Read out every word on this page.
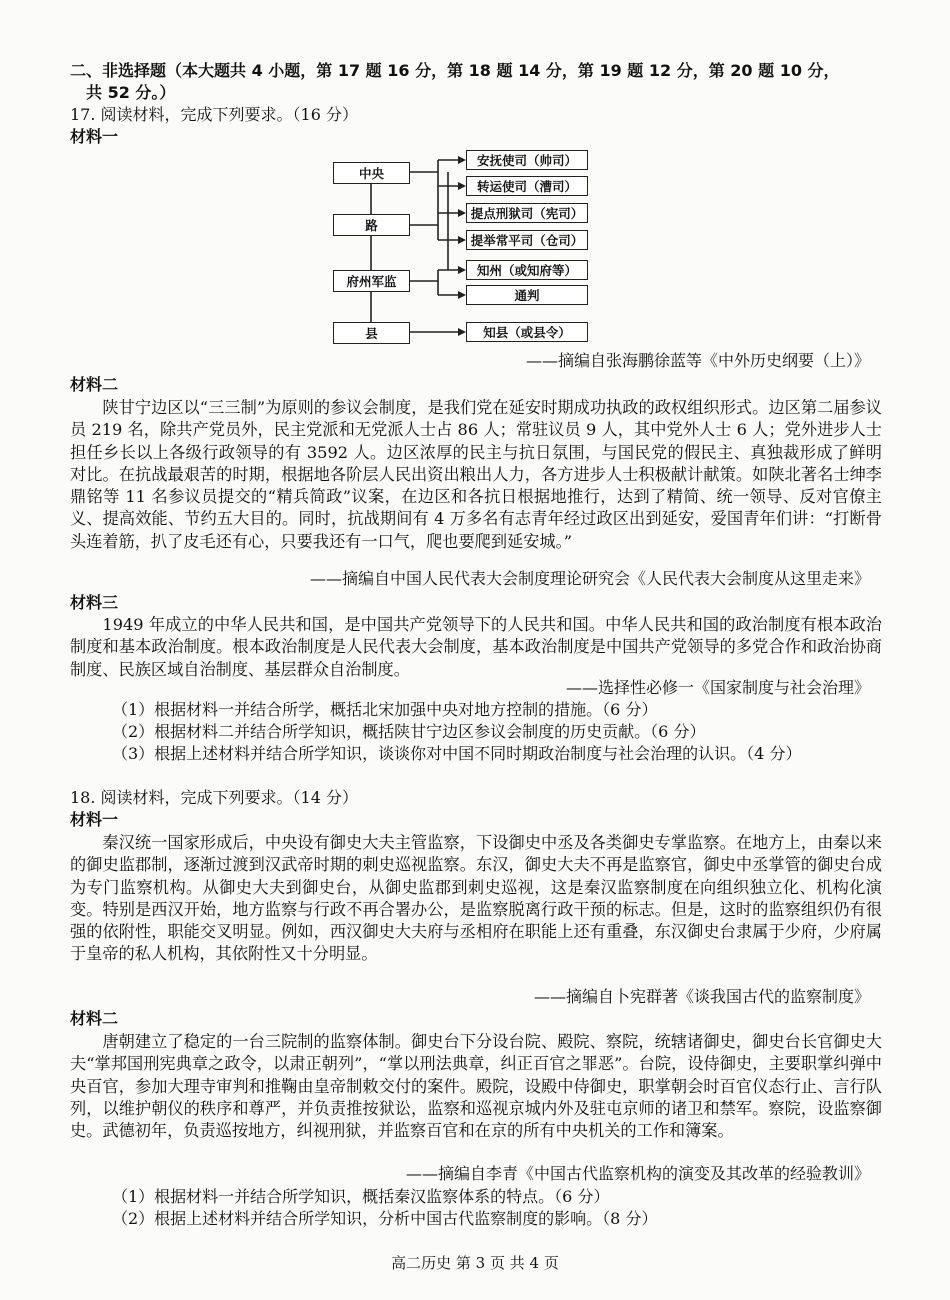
二、非选择题（本大题共 4 小题，第 17 题 16 分，第 18 题 14 分，第 19 题 12 分，第 20 题 10 分，
共 52 分。）
17. 阅读材料，完成下列要求。（16 分）
材料一
中央
路
府州军监
县
安抚使司（帅司）
转运使司（漕司）
提点刑狱司（宪司）
提举常平司（仓司）
知州（或知府等）
通判
知县（或县令）
——摘编自张海鹏徐蓝等《中外历史纲要（上）》
材料二
陕甘宁边区以“三三制”为原则的参议会制度，是我们党在延安时期成功执政的政权组织形式。边区第二届参议员 219 名，除共产党员外，民主党派和无党派人士占 86 人；常驻议员 9 人，其中党外人士 6 人；党外进步人士担任乡长以上各级行政领导的有 3592 人。边区浓厚的民主与抗日氛围，与国民党的假民主、真独裁形成了鲜明对比。在抗战最艰苦的时期，根据地各阶层人民出资出粮出人力，各方进步人士积极献计献策。如陕北著名士绅李鼎铭等 11 名参议员提交的“精兵简政”议案，在边区和各抗日根据地推行，达到了精简、统一领导、反对官僚主义、提高效能、节约五大目的。同时，抗战期间有 4 万多名有志青年经过政区出到延安，爱国青年们讲：“打断骨头连着筋，扒了皮毛还有心，只要我还有一口气，爬也要爬到延安城。”
——摘编自中国人民代表大会制度理论研究会《人民代表大会制度从这里走来》
材料三
1949 年成立的中华人民共和国，是中国共产党领导下的人民共和国。中华人民共和国的政治制度有根本政治制度和基本政治制度。根本政治制度是人民代表大会制度，基本政治制度是中国共产党领导的多党合作和政治协商制度、民族区域自治制度、基层群众自治制度。
——选择性必修一《国家制度与社会治理》
（1）根据材料一并结合所学，概括北宋加强中央对地方控制的措施。（6 分）
（2）根据材料二并结合所学知识，概括陕甘宁边区参议会制度的历史贡献。（6 分）
（3）根据上述材料并结合所学知识，谈谈你对中国不同时期政治制度与社会治理的认识。（4 分）
18. 阅读材料，完成下列要求。（14 分）
材料一
秦汉统一国家形成后，中央设有御史大夫主管监察，下设御史中丞及各类御史专掌监察。在地方上，由秦以来的御史监郡制，逐渐过渡到汉武帝时期的刺史巡视监察。东汉，御史大夫不再是监察官，御史中丞掌管的御史台成为专门监察机构。从御史大夫到御史台，从御史监郡到刺史巡视，这是秦汉监察制度在向组织独立化、机构化演变。特别是西汉开始，地方监察与行政不再合署办公，是监察脱离行政干预的标志。但是，这时的监察组织仍有很强的依附性，职能交叉明显。例如，西汉御史大夫府与丞相府在职能上还有重叠，东汉御史台隶属于少府，少府属于皇帝的私人机构，其依附性又十分明显。
——摘编自卜宪群著《谈我国古代的监察制度》
材料二
唐朝建立了稳定的一台三院制的监察体制。御史台下分设台院、殿院、察院，统辖诸御史，御史台长官御史大夫“掌邦国刑宪典章之政令，以肃正朝列”，“掌以刑法典章，纠正百官之罪恶”。台院，设侍御史，主要职掌纠弹中央百官，参加大理寺审判和推鞠由皇帝制敕交付的案件。殿院，设殿中侍御史，职掌朝会时百官仪态行止、言行队列，以维护朝仪的秩序和尊严，并负责推按狱讼，监察和巡视京城内外及驻屯京师的诸卫和禁军。察院，设监察御史。武德初年，负责巡按地方，纠视刑狱，并监察百官和在京的所有中央机关的工作和簿案。
——摘编自李青《中国古代监察机构的演变及其改革的经验教训》
（1）根据材料一并结合所学知识，概括秦汉监察体系的特点。（6 分）
（2）根据上述材料并结合所学知识，分析中国古代监察制度的影响。（8 分）
高二历史 第 3 页 共 4 页
